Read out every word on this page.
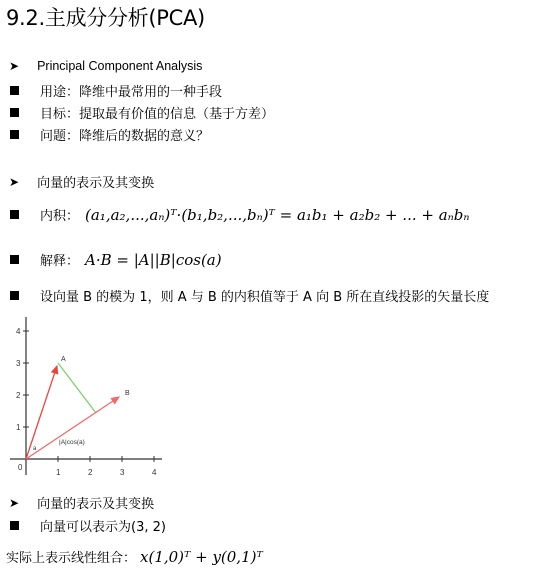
9.2.主成分分析(PCA)
➤ Principal Component Analysis
用途：降维中最常用的一种手段
目标：提取最有价值的信息（基于方差）
问题：降维后的数据的意义？
➤ 向量的表示及其变换
内积： (a₁,a₂,...,aₙ)ᵀ·(b₁,b₂,...,bₙ)ᵀ = a₁b₁ + a₂b₂ + ... + aₙbₙ
解释： A·B = |A||B|cos(a)
设向量 B 的模为 1，则 A 与 B 的内积值等于 A 向 B 所在直线投影的矢量长度
1	2	3	4
1
2
3
4
0
A
B
a
|A|cos(a)
➤ 向量的表示及其变换
向量可以表示为(3, 2)
实际上表示线性组合： x(1,0)ᵀ + y(0,1)ᵀ
